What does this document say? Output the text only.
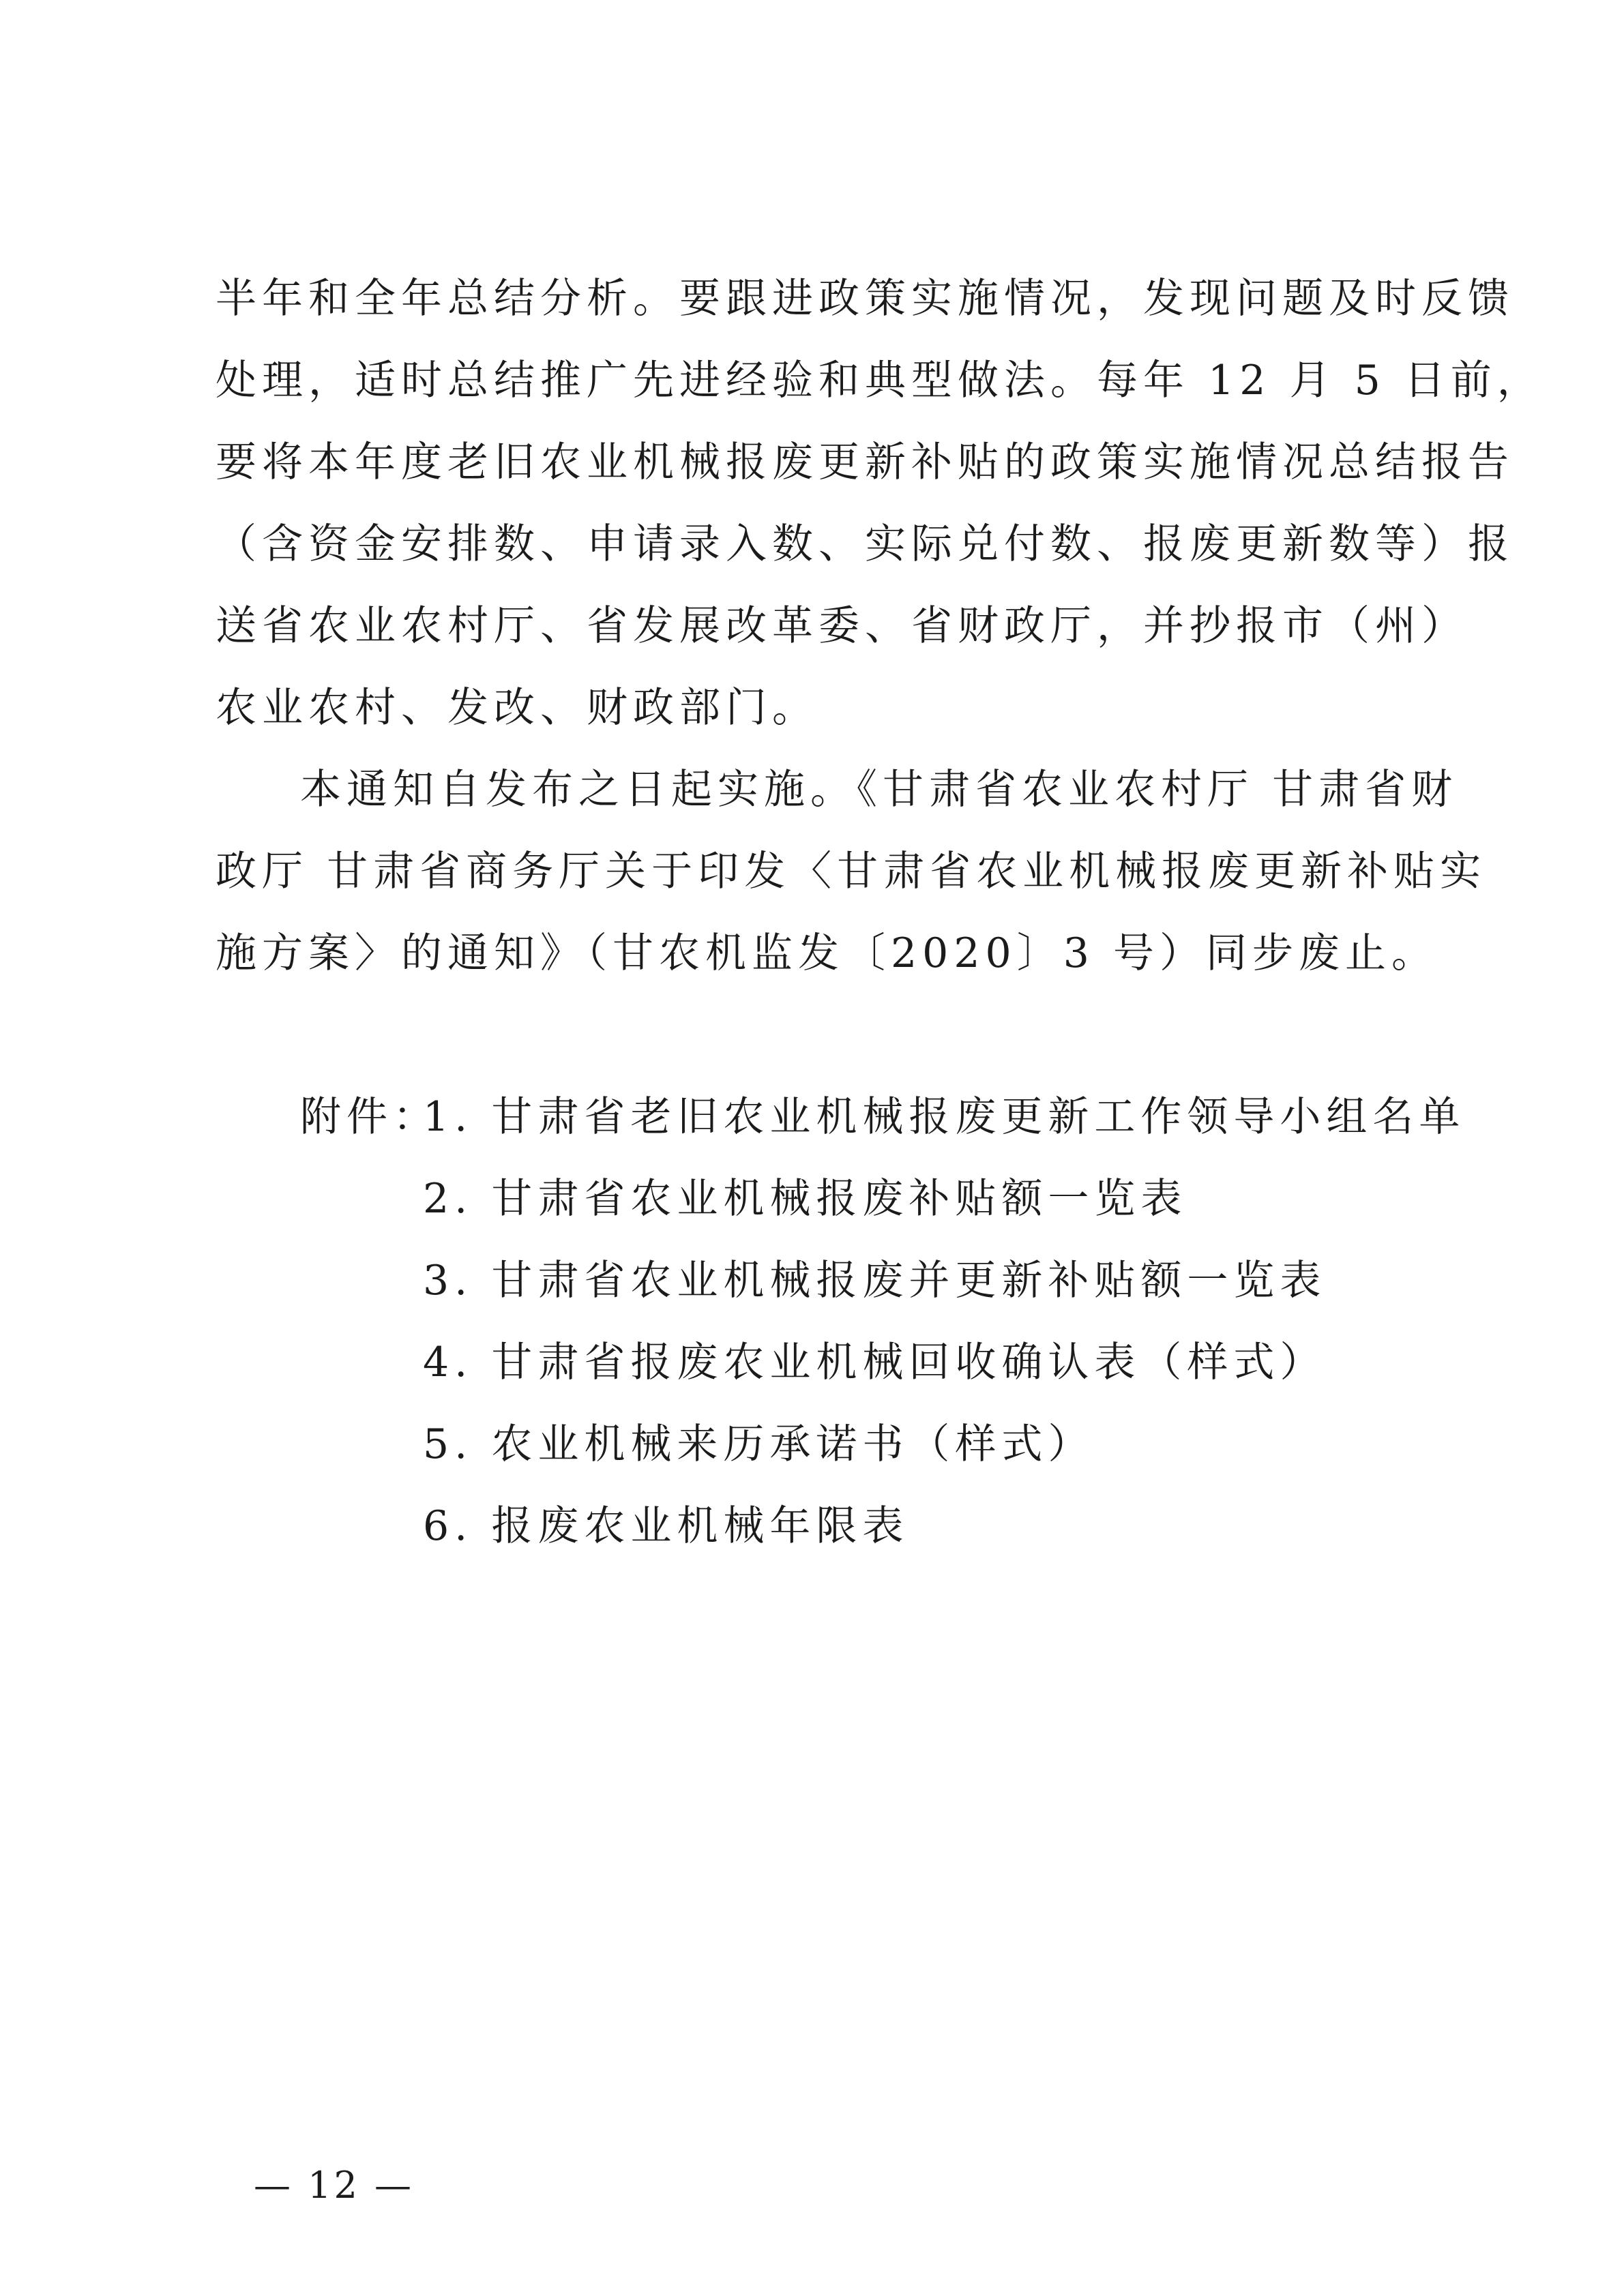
半年和全年总结分析。要跟进政策实施情况，发现问题及时反馈
处理，适时总结推广先进经验和典型做法。每年 12 月 5 日前，
要将本年度老旧农业机械报废更新补贴的政策实施情况总结报告
（含资金安排数、申请录入数、实际兑付数、报废更新数等）报
送省农业农村厅、省发展改革委、省财政厅，并抄报市（州）
农业农村、发改、财政部门。
本通知自发布之日起实施。《甘肃省农业农村厅 甘肃省财
政厅 甘肃省商务厅关于印发〈甘肃省农业机械报废更新补贴实
施方案〉的通知》（甘农机监发〔2020〕3 号）同步废止。
附件：
1. 甘肃省老旧农业机械报废更新工作领导小组名单
2. 甘肃省农业机械报废补贴额一览表
3. 甘肃省农业机械报废并更新补贴额一览表
4. 甘肃省报废农业机械回收确认表（样式）
5. 农业机械来历承诺书（样式）
6. 报废农业机械年限表
— 12 —
